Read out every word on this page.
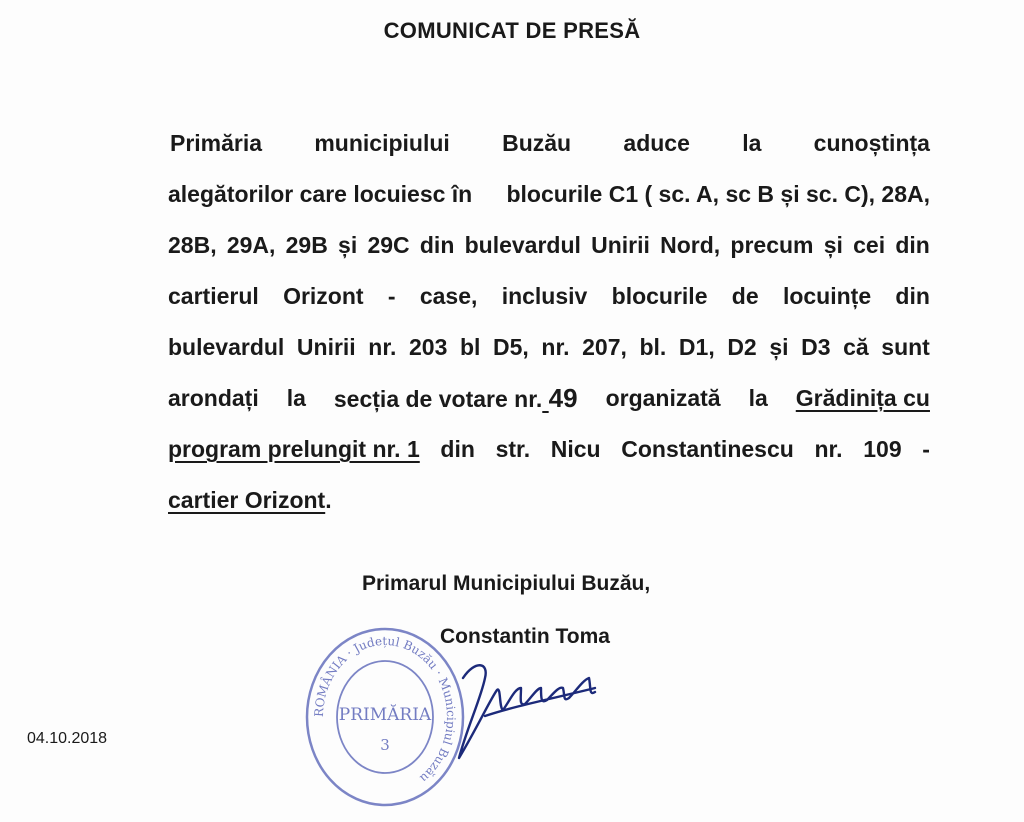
COMUNICAT DE PRESĂ
Primăria municipiului Buzău aduce la cunoștința
alegătorilor care locuiesc în blocurile C1 ( sc. A, sc B și sc. C), 28A,
28B, 29A, 29B și 29C din bulevardul Unirii Nord, precum și cei din
cartierul Orizont - case, inclusiv blocurile de locuințe din
bulevardul Unirii nr. 203 bl D5, nr. 207, bl. D1, D2 și D3 că sunt
arondați la secția de votare nr. 49 organizată la Grădinița cu
program prelungit nr. 1 din str. Nicu Constantinescu nr. 109 -
cartier Orizont .
Primarul Municipiului Buzău,
Constantin Toma
ROMÂNIA · Județul Buzău · Municipiul Buzău
PRIMĂRIA
3
04.10.2018
